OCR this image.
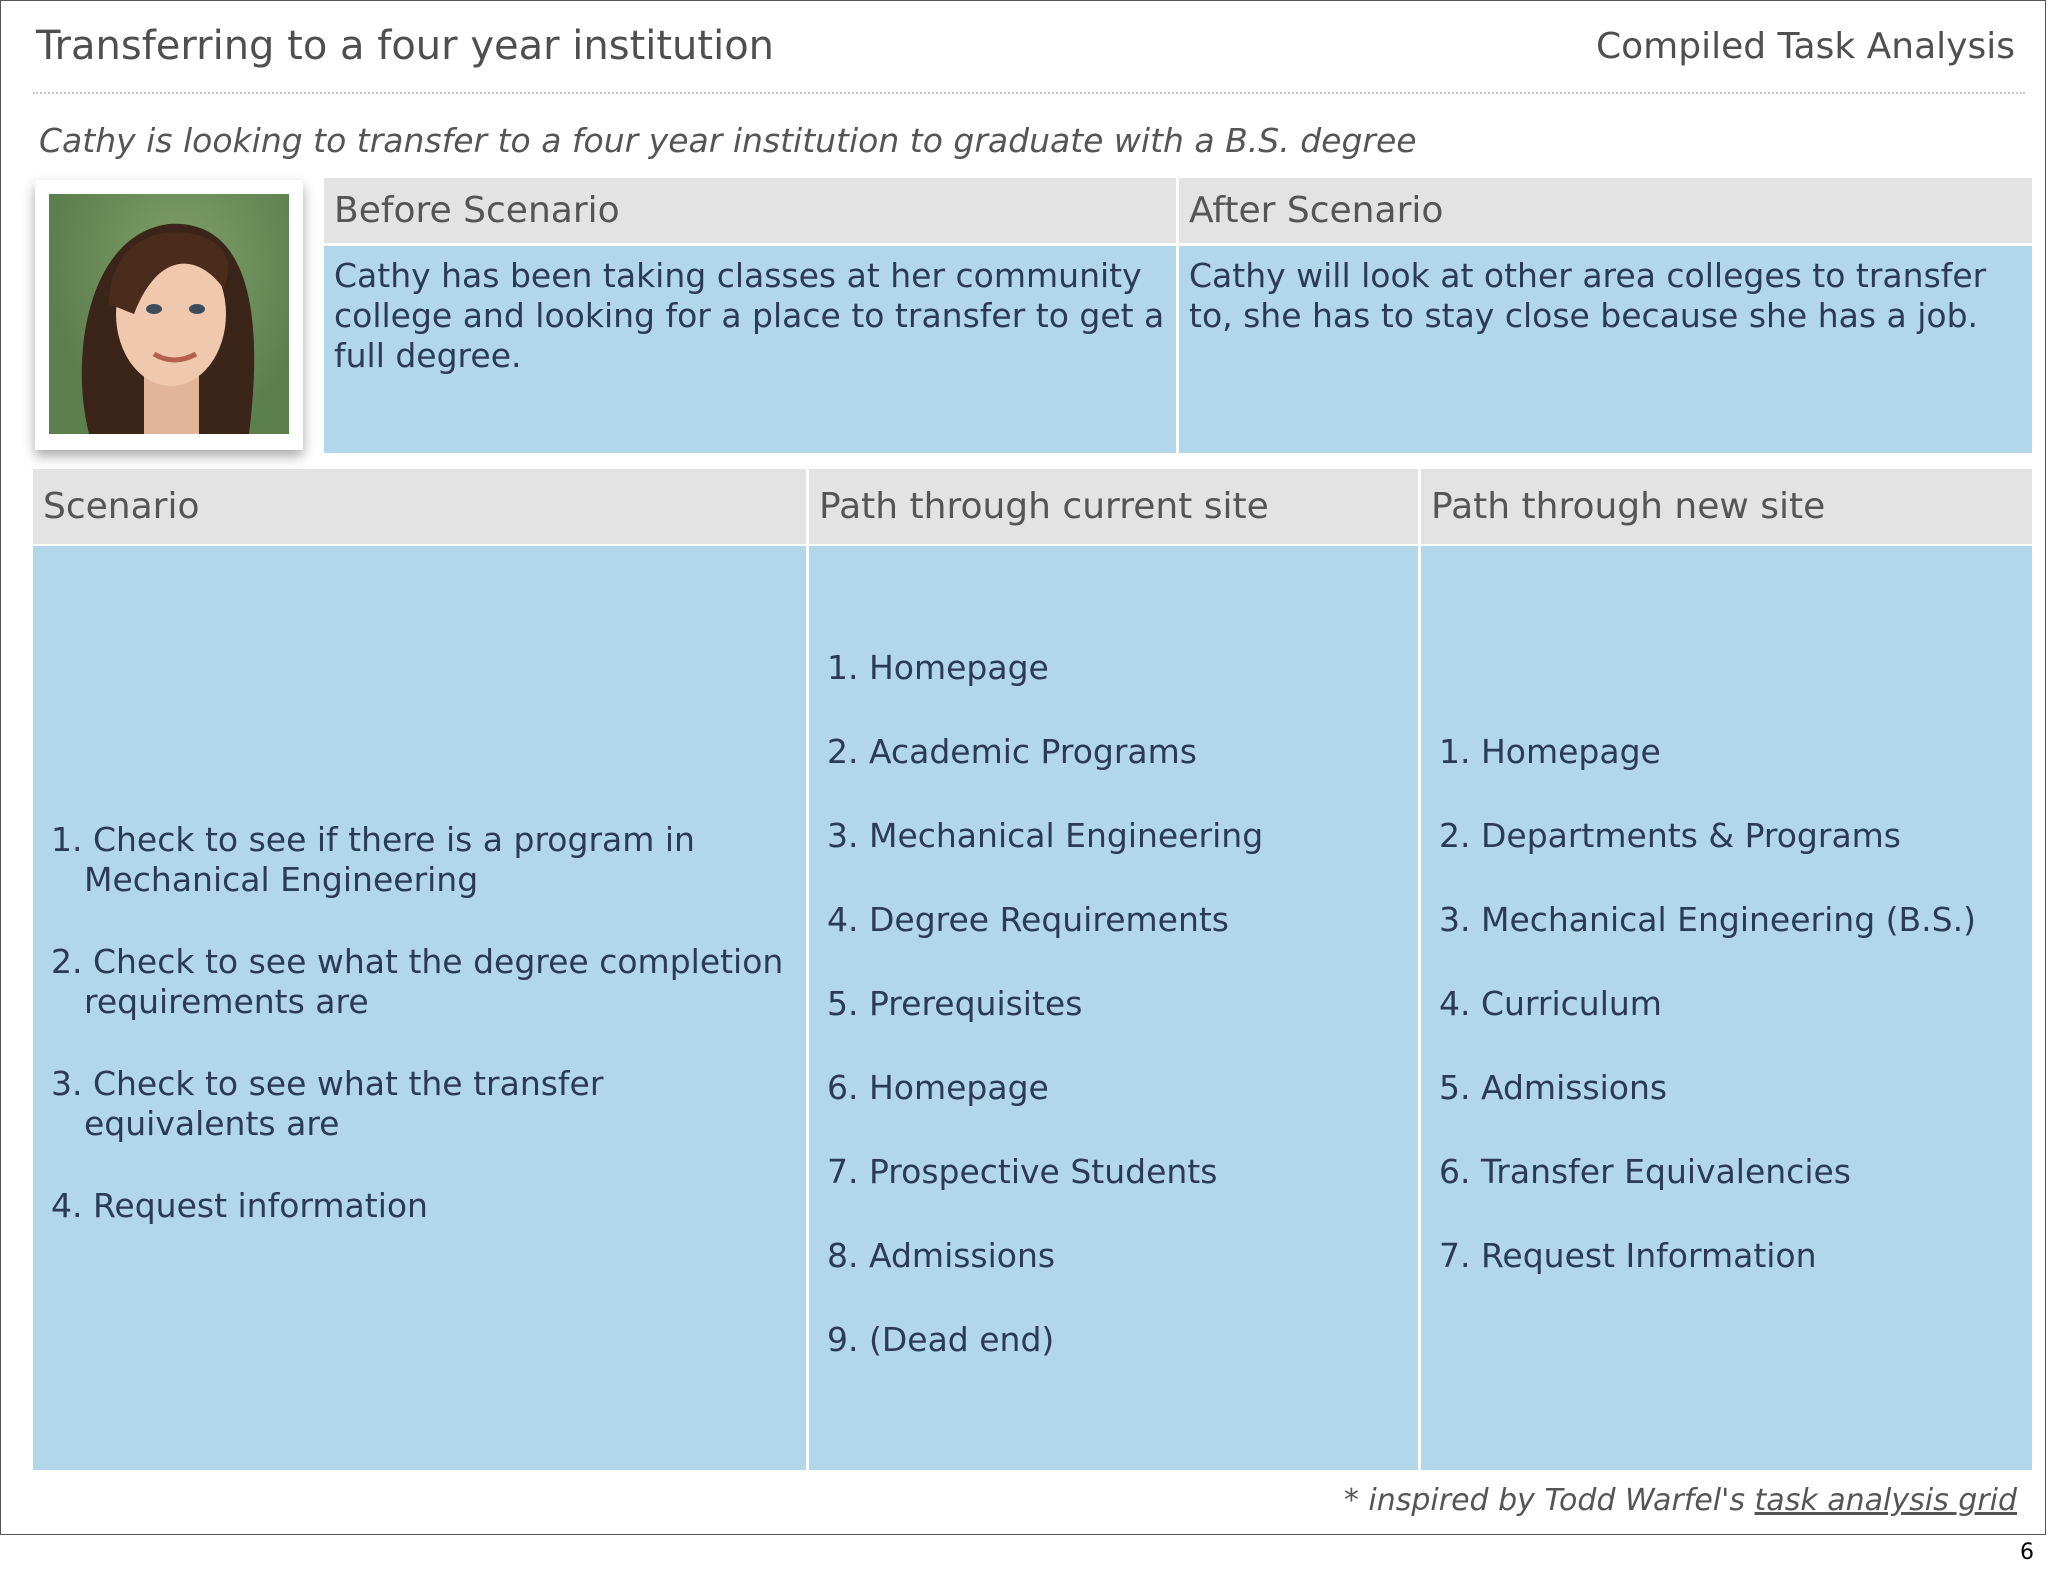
Transferring to a four year institution	Compiled Task Analysis
Cathy is looking to transfer to a four year institution to graduate with a B.S. degree
Before Scenario	After Scenario
Cathy has been taking classes at her community college and looking for a place to transfer to get a full degree.
Cathy will look at other area colleges to transfer to, she has to stay close because she has a job.
Scenario	Path through current site	Path through new site
1. Check to see if there is a program in Mechanical Engineering
2. Check to see what the degree completion requirements are
3. Check to see what the transfer equivalents are
4. Request information
1. Homepage
2. Academic Programs
3. Mechanical Engineering
4. Degree Requirements
5. Prerequisites
6. Homepage
7. Prospective Students
8. Admissions
9. (Dead end)
1. Homepage
2. Departments & Programs
3. Mechanical Engineering (B.S.)
4. Curriculum
5. Admissions
6. Transfer Equivalencies
7. Request Information
* inspired by Todd Warfel's task analysis grid
6
